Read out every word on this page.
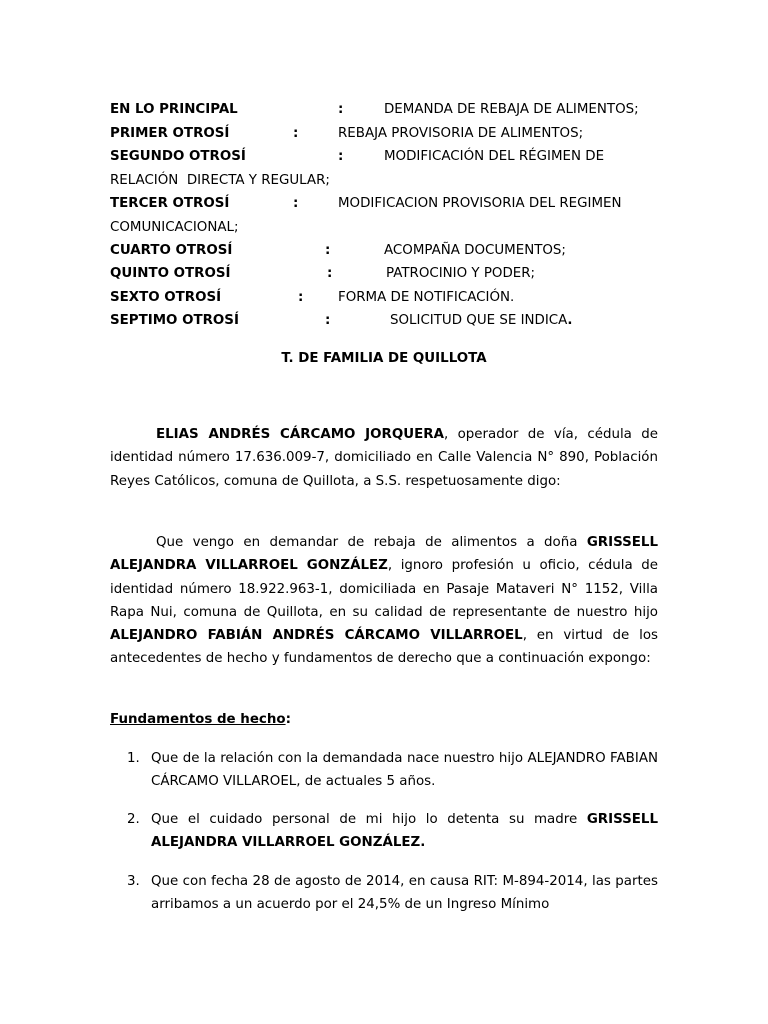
EN LO PRINCIPAL	:	DEMANDA DE REBAJA DE ALIMENTOS;
PRIMER OTROSÍ	:	REBAJA PROVISORIA DE ALIMENTOS;
SEGUNDO OTROSÍ	:	MODIFICACIÓN DEL RÉGIMEN DE
RELACIÓN  DIRECTA Y REGULAR;
TERCER OTROSÍ	:	MODIFICACION PROVISORIA DEL REGIMEN
COMUNICACIONAL;
CUARTO OTROSÍ	:	ACOMPAÑA DOCUMENTOS;
QUINTO OTROSÍ	:	PATROCINIO Y PODER;
SEXTO OTROSÍ	:	FORMA DE NOTIFICACIÓN.
SEPTIMO OTROSÍ	:	SOLICITUD QUE SE INDICA.
T. DE FAMILIA DE QUILLOTA

ELIAS ANDRÉS CÁRCAMO JORQUERA, operador de vía, cédula de identidad número 17.636.009-7, domiciliado en Calle Valencia N° 890, Población Reyes Católicos, comuna de Quillota, a S.S. respetuosamente digo:

Que vengo en demandar de rebaja de alimentos a doña GRISSELL ALEJANDRA VILLARROEL GONZÁLEZ, ignoro profesión u oficio, cédula de identidad número 18.922.963-1, domiciliada en Pasaje Mataveri N° 1152, Villa Rapa Nui, comuna de Quillota, en su calidad de representante de nuestro hijo ALEJANDRO FABIÁN ANDRÉS CÁRCAMO VILLARROEL, en virtud de los antecedentes de hecho y fundamentos de derecho que a continuación expongo:

Fundamentos de hecho:
1. Que de la relación con la demandada nace nuestro hijo ALEJANDRO FABIAN CÁRCAMO VILLAROEL, de actuales 5 años.
2. Que el cuidado personal de mi hijo lo detenta su madre GRISSELL ALEJANDRA VILLARROEL GONZÁLEZ.
3. Que con fecha 28 de agosto de 2014, en causa RIT: M-894-2014, las partes arribamos a un acuerdo por el 24,5% de un Ingreso Mínimo
